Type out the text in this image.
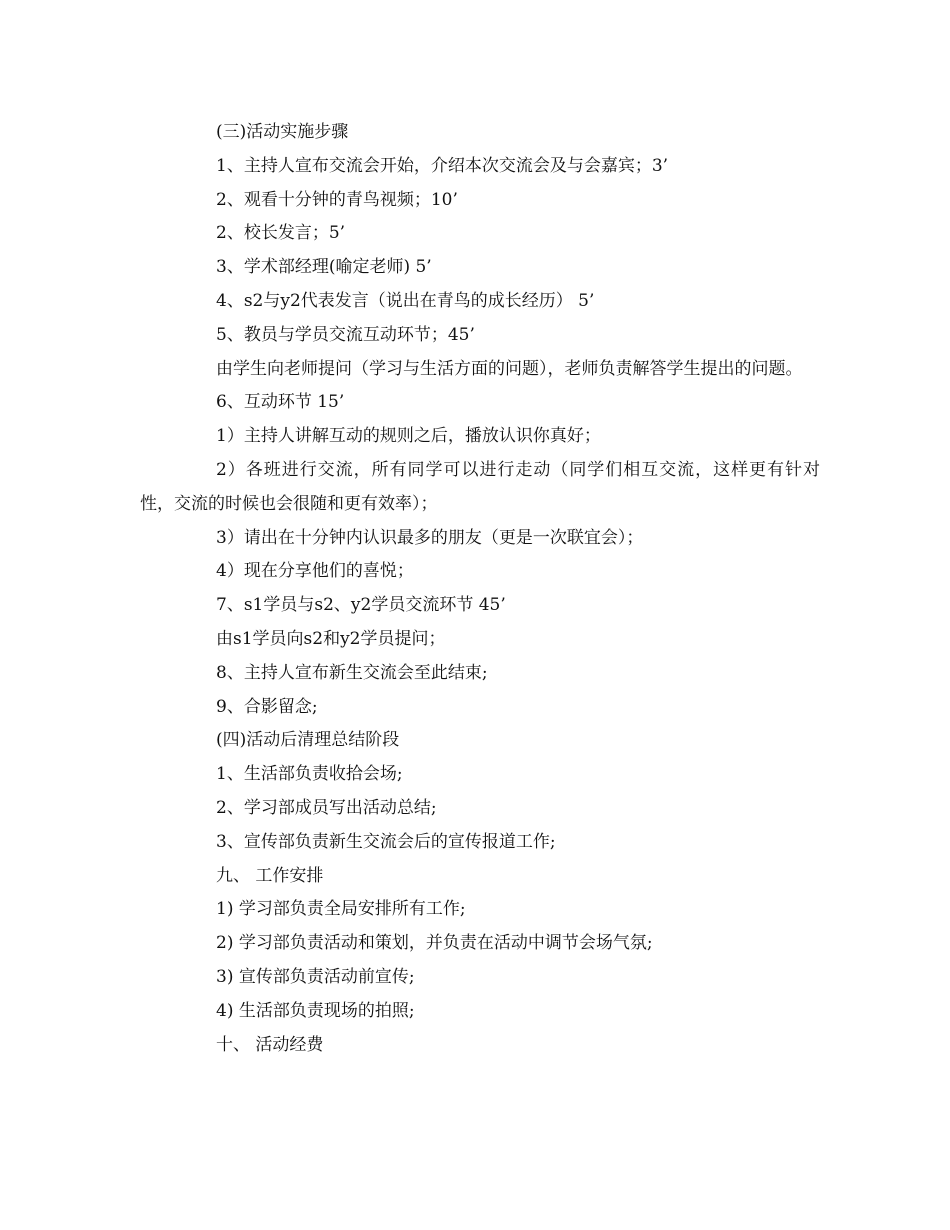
(三)活动实施步骤

1、主持人宣布交流会开始，介绍本次交流会及与会嘉宾；3’

2、观看十分钟的青鸟视频；10’

2、校长发言；5’

3、学术部经理(喻定老师) 5’

4、s2与y2代表发言（说出在青鸟的成长经历） 5’

5、教员与学员交流互动环节；45’

由学生向老师提问（学习与生活方面的问题），老师负责解答学生提出的问题。

6、互动环节 15’

1）主持人讲解互动的规则之后，播放认识你真好；

2）各班进行交流，所有同学可以进行走动（同学们相互交流，这样更有针对性，交流的时候也会很随和更有效率）；

3）请出在十分钟内认识最多的朋友（更是一次联宜会）；

4）现在分享他们的喜悦；

7、s1学员与s2、y2学员交流环节 45’

由s1学员向s2和y2学员提问；

8、主持人宣布新生交流会至此结束;

9、合影留念;

(四)活动后清理总结阶段

1、生活部负责收拾会场;

2、学习部成员写出活动总结;

3、宣传部负责新生交流会后的宣传报道工作;

九、 工作安排

1) 学习部负责全局安排所有工作;

2) 学习部负责活动和策划，并负责在活动中调节会场气氛;

3) 宣传部负责活动前宣传;

4) 生活部负责现场的拍照;

十、 活动经费
